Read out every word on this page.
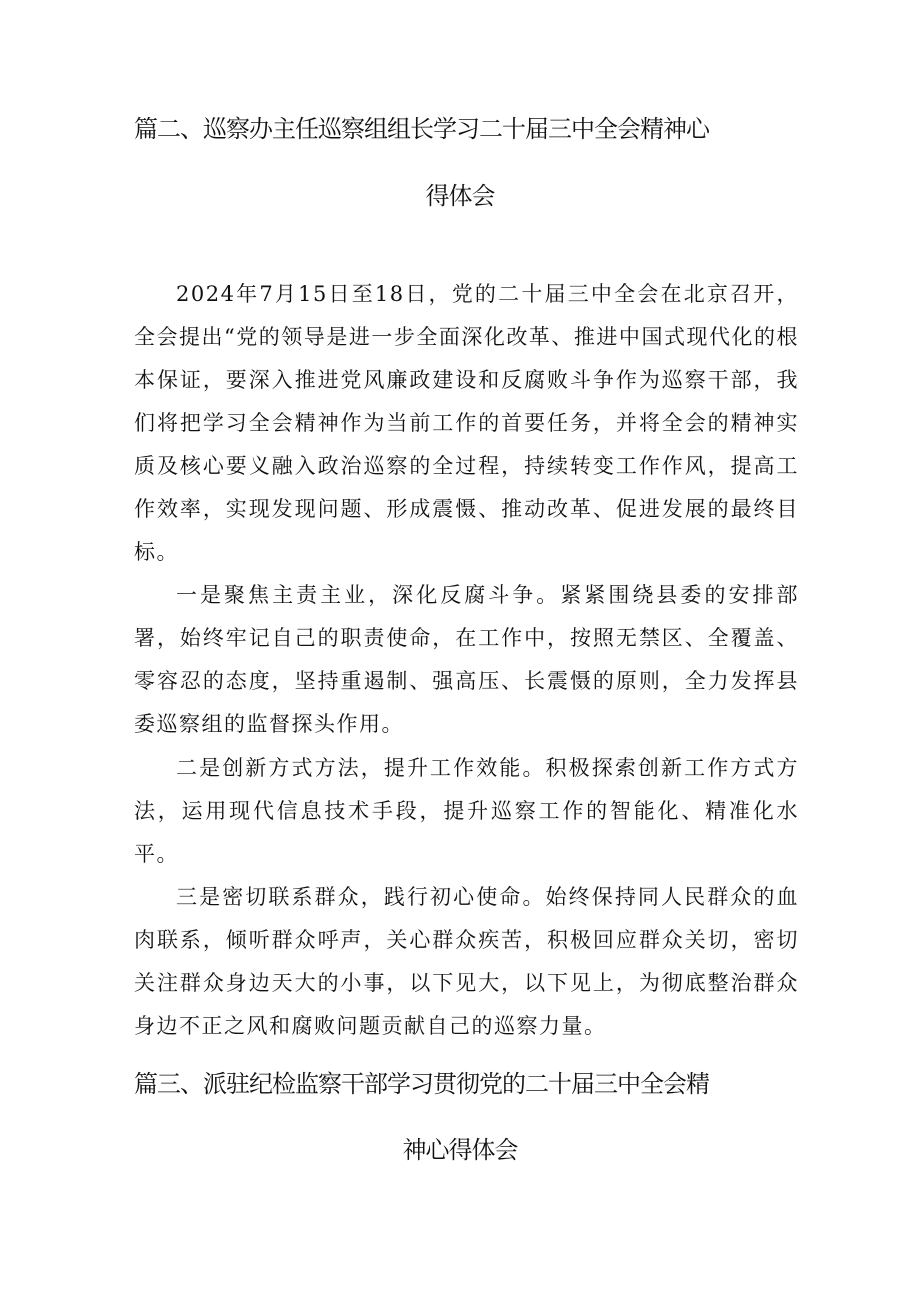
篇二、巡察办主任巡察组组长学习二十届三中全会精神心
得体会

2024年7月15日至18日，党的二十届三中全会在北京召开，全会提出“党的领导是进一步全面深化改革、推进中国式现代化的根本保证，要深入推进党风廉政建设和反腐败斗争作为巡察干部，我们将把学习全会精神作为当前工作的首要任务，并将全会的精神实质及核心要义融入政治巡察的全过程，持续转变工作作风，提高工作效率，实现发现问题、形成震慑、推动改革、促进发展的最终目标。

一是聚焦主责主业，深化反腐斗争。紧紧围绕县委的安排部署，始终牢记自己的职责使命，在工作中，按照无禁区、全覆盖、零容忍的态度，坚持重遏制、强高压、长震慑的原则，全力发挥县委巡察组的监督探头作用。

二是创新方式方法，提升工作效能。积极探索创新工作方式方法，运用现代信息技术手段，提升巡察工作的智能化、精准化水平。

三是密切联系群众，践行初心使命。始终保持同人民群众的血肉联系，倾听群众呼声，关心群众疾苦，积极回应群众关切，密切关注群众身边天大的小事，以下见大，以下见上，为彻底整治群众身边不正之风和腐败问题贡献自己的巡察力量。

篇三、派驻纪检监察干部学习贯彻党的二十届三中全会精
神心得体会
